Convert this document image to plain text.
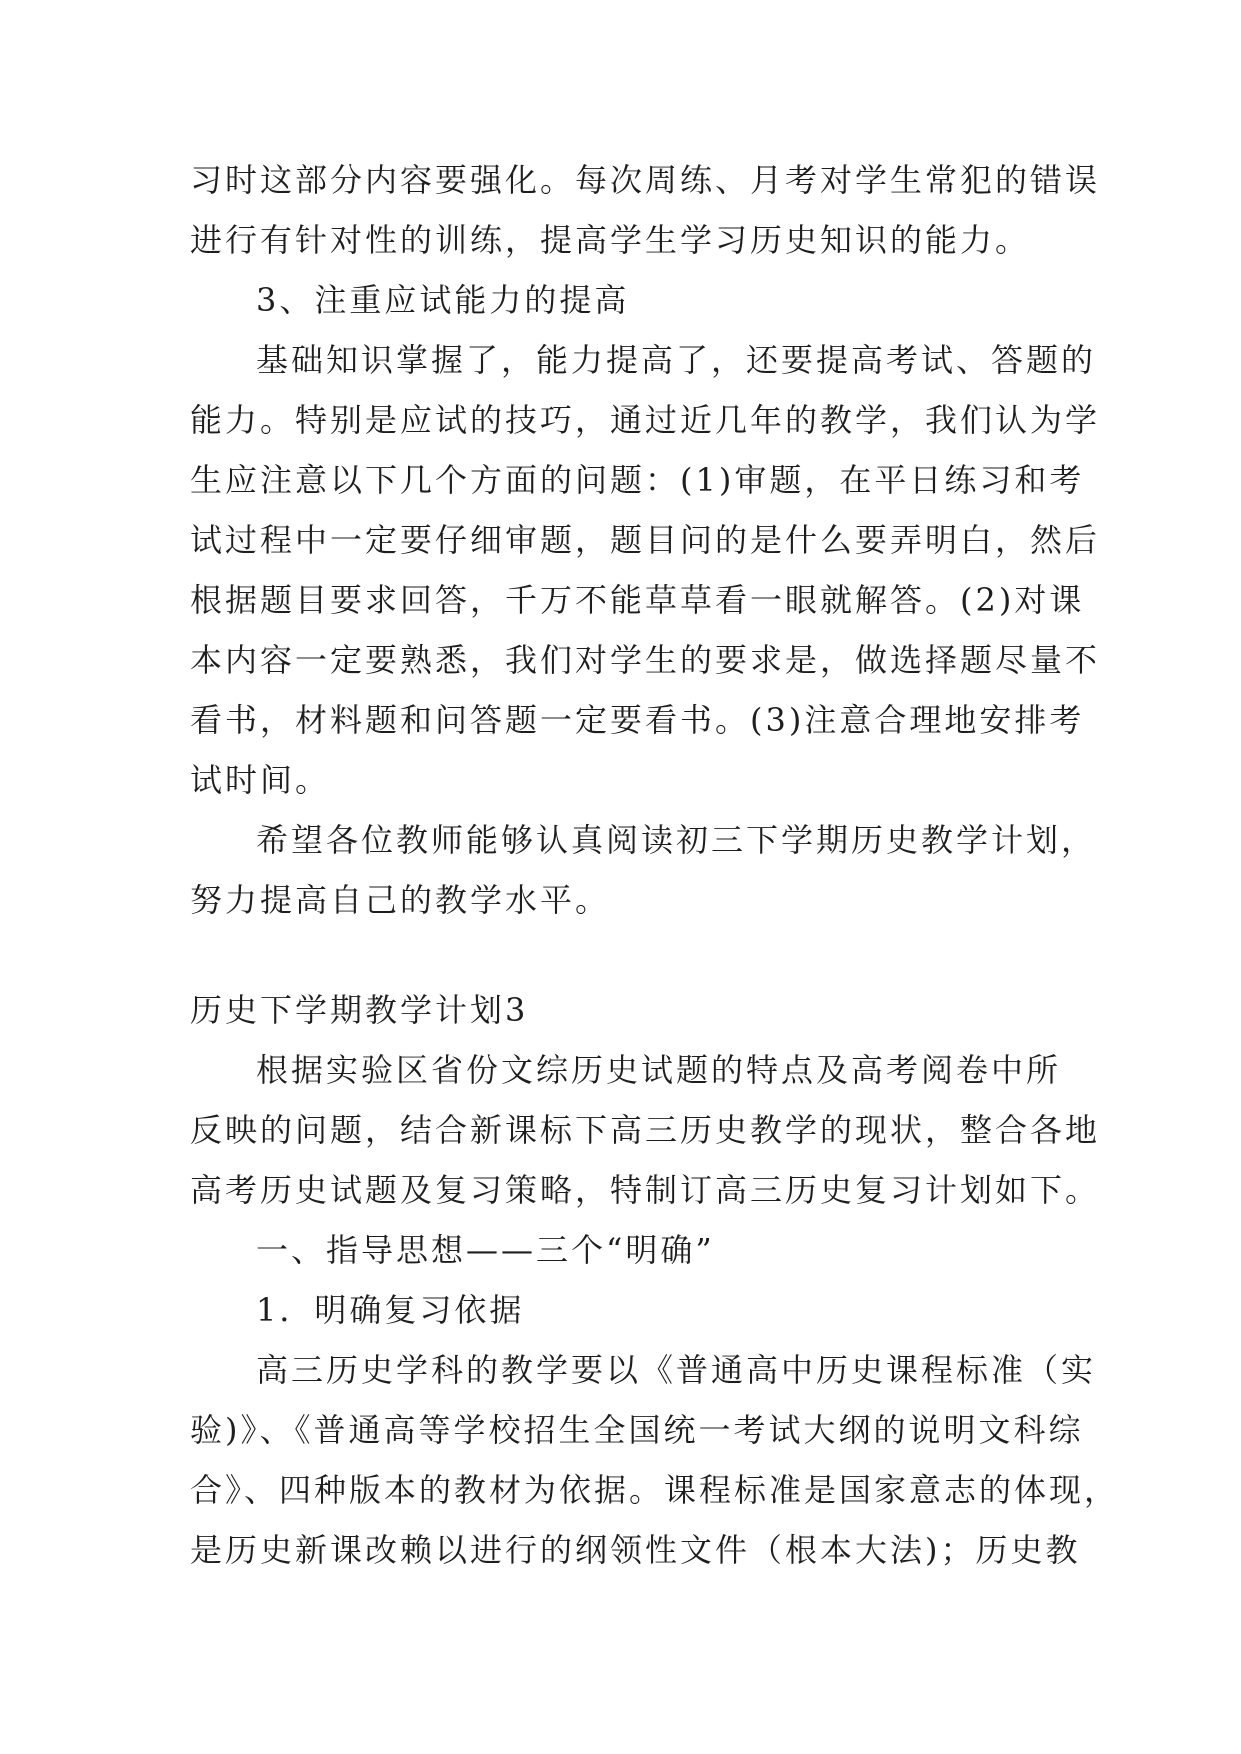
习时这部分内容要强化。每次周练、月考对学生常犯的错误
进行有针对性的训练，提高学生学习历史知识的能力。
3、注重应试能力的提高
基础知识掌握了，能力提高了，还要提高考试、答题的
能力。特别是应试的技巧，通过近几年的教学，我们认为学
生应注意以下几个方面的问题：(1)审题，在平日练习和考
试过程中一定要仔细审题，题目问的是什么要弄明白，然后
根据题目要求回答，千万不能草草看一眼就解答。(2)对课
本内容一定要熟悉，我们对学生的要求是，做选择题尽量不
看书，材料题和问答题一定要看书。(3)注意合理地安排考
试时间。
希望各位教师能够认真阅读初三下学期历史教学计划，
努力提高自己的教学水平。
历史下学期教学计划3
根据实验区省份文综历史试题的特点及高考阅卷中所
反映的问题，结合新课标下高三历史教学的现状，整合各地
高考历史试题及复习策略，特制订高三历史复习计划如下。
一、指导思想——三个“明确”
1．明确复习依据
高三历史学科的教学要以《普通高中历史课程标准（实
验)》、《普通高等学校招生全国统一考试大纲的说明文科综
合》、四种版本的教材为依据。课程标准是国家意志的体现，
是历史新课改赖以进行的纲领性文件（根本大法)；历史教
